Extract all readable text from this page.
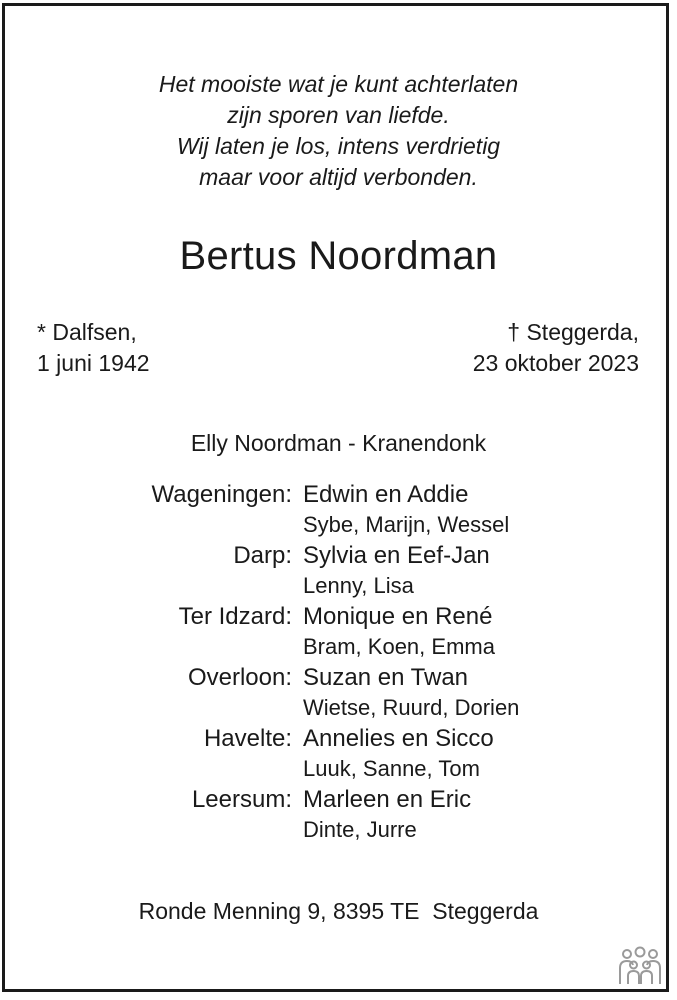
Het mooiste wat je kunt achterlaten
zijn sporen van liefde.
Wij laten je los, intens verdrietig
maar voor altijd verbonden.
Bertus Noordman
* Dalfsen,
1 juni 1942
† Steggerda,
23 oktober 2023
Elly Noordman - Kranendonk
Wageningen: Edwin en Addie
Sybe, Marijn, Wessel
Darp: Sylvia en Eef-Jan
Lenny, Lisa
Ter Idzard: Monique en René
Bram, Koen, Emma
Overloon: Suzan en Twan
Wietse, Ruurd, Dorien
Havelte: Annelies en Sicco
Luuk, Sanne, Tom
Leersum: Marleen en Eric
Dinte, Jurre
Ronde Menning 9, 8395 TE  Steggerda
